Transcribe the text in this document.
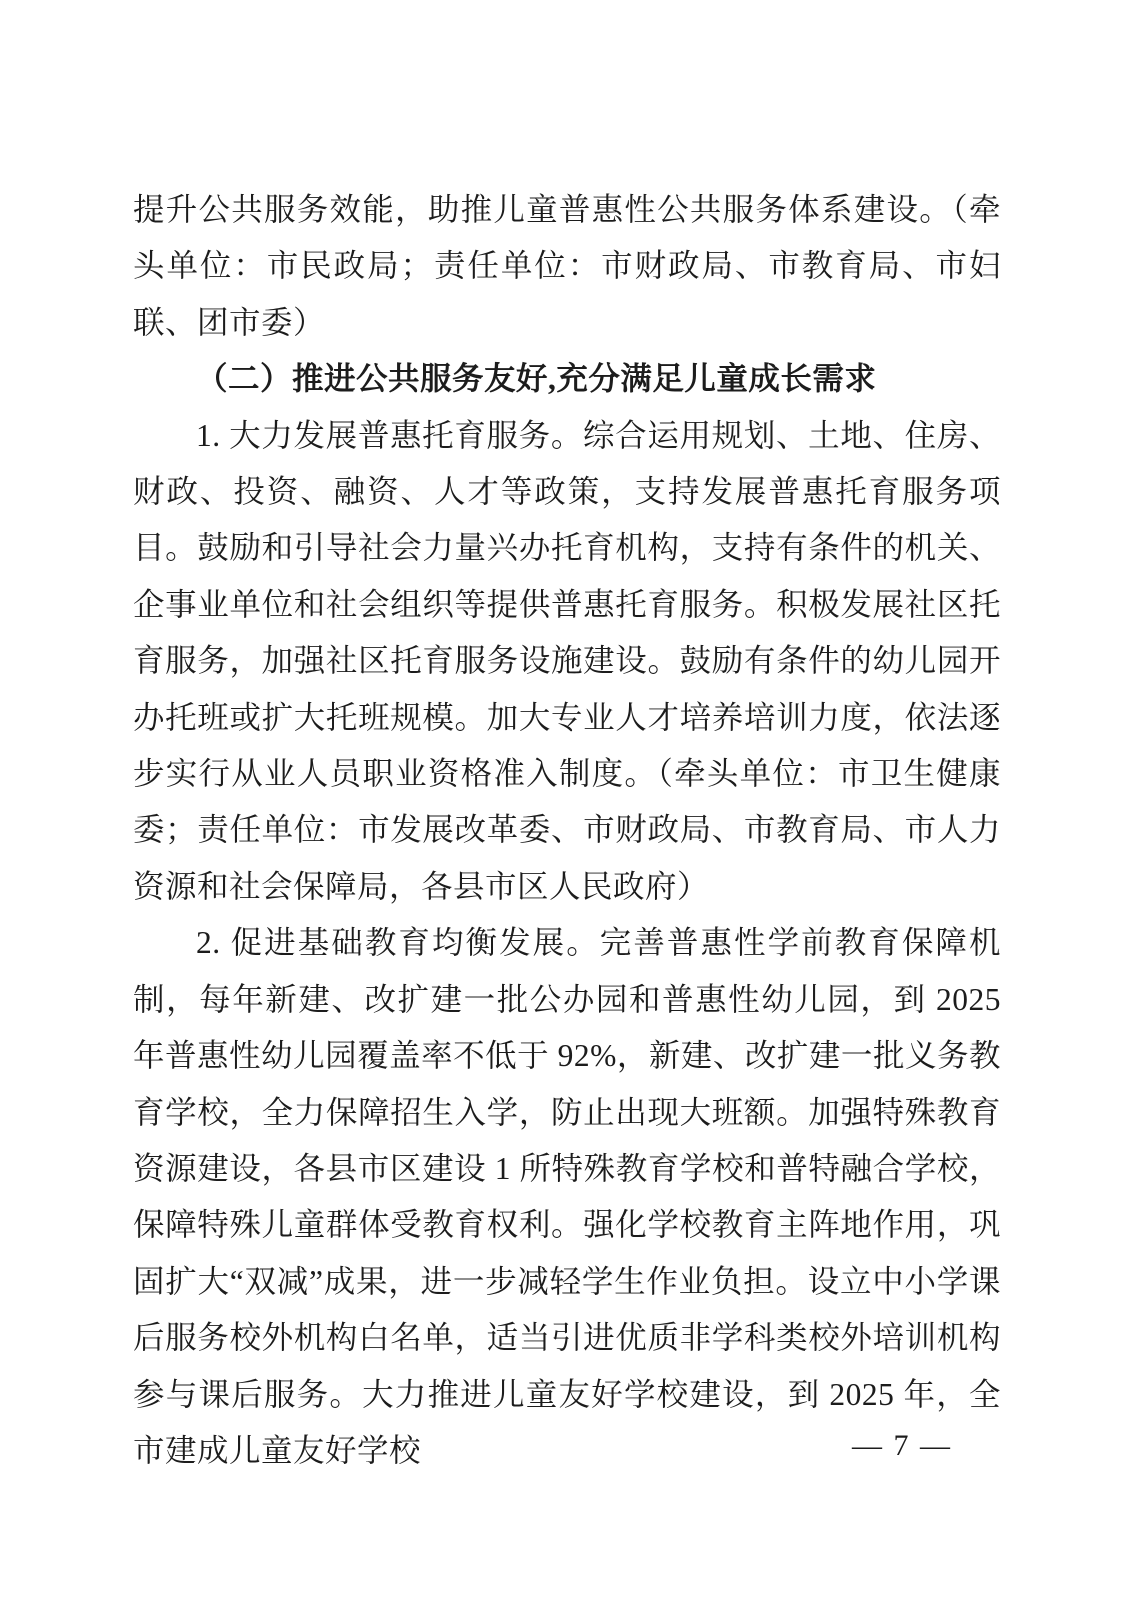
提升公共服务效能，助推儿童普惠性公共服务体系建设。（牵头单位：市民政局；责任单位：市财政局、市教育局、市妇联、团市委）

（二）推进公共服务友好,充分满足儿童成长需求

1. 大力发展普惠托育服务。综合运用规划、土地、住房、财政、投资、融资、人才等政策，支持发展普惠托育服务项目。鼓励和引导社会力量兴办托育机构，支持有条件的机关、企事业单位和社会组织等提供普惠托育服务。积极发展社区托育服务，加强社区托育服务设施建设。鼓励有条件的幼儿园开办托班或扩大托班规模。加大专业人才培养培训力度，依法逐步实行从业人员职业资格准入制度。（牵头单位：市卫生健康委；责任单位：市发展改革委、市财政局、市教育局、市人力资源和社会保障局，各县市区人民政府）

2. 促进基础教育均衡发展。完善普惠性学前教育保障机制，每年新建、改扩建一批公办园和普惠性幼儿园，到 2025 年普惠性幼儿园覆盖率不低于 92%，新建、改扩建一批义务教育学校，全力保障招生入学，防止出现大班额。加强特殊教育资源建设，各县市区建设 1 所特殊教育学校和普特融合学校，保障特殊儿童群体受教育权利。强化学校教育主阵地作用，巩固扩大“双减”成果，进一步减轻学生作业负担。设立中小学课后服务校外机构白名单，适当引进优质非学科类校外培训机构参与课后服务。大力推进儿童友好学校建设，到 2025 年，全市建成儿童友好学校	— 7 —
